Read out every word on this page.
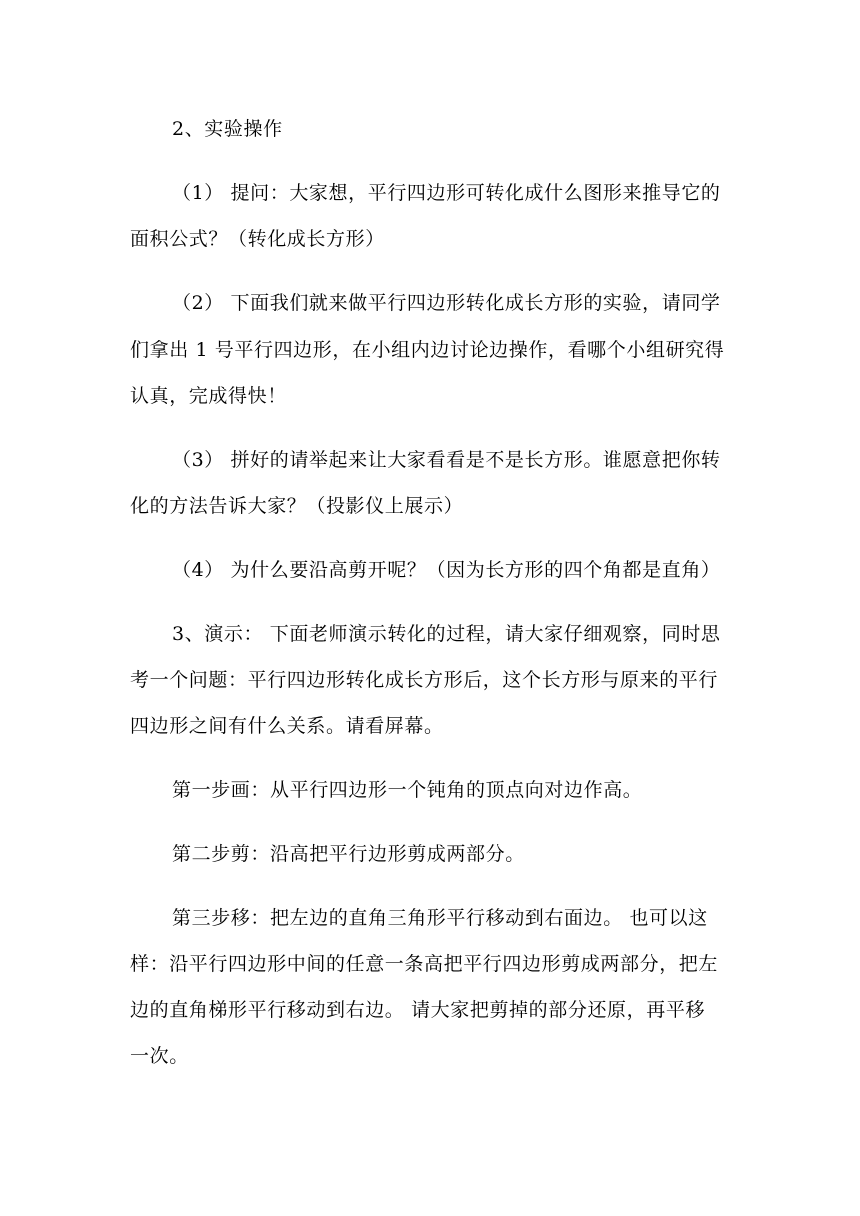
2、实验操作
（1） 提问：大家想，平行四边形可转化成什么图形来推导它的
面积公式？（转化成长方形）
（2） 下面我们就来做平行四边形转化成长方形的实验，请同学
们拿出 1 号平行四边形，在小组内边讨论边操作，看哪个小组研究得
认真，完成得快！
（3） 拼好的请举起来让大家看看是不是长方形。谁愿意把你转
化的方法告诉大家？（投影仪上展示）
（4） 为什么要沿高剪开呢？（因为长方形的四个角都是直角）
3、演示： 下面老师演示转化的过程，请大家仔细观察，同时思
考一个问题：平行四边形转化成长方形后，这个长方形与原来的平行
四边形之间有什么关系。请看屏幕。
第一步画：从平行四边形一个钝角的顶点向对边作高。
第二步剪：沿高把平行边形剪成两部分。
第三步移：把左边的直角三角形平行移动到右面边。 也可以这
样：沿平行四边形中间的任意一条高把平行四边形剪成两部分，把左
边的直角梯形平行移动到右边。 请大家把剪掉的部分还原，再平移
一次。
